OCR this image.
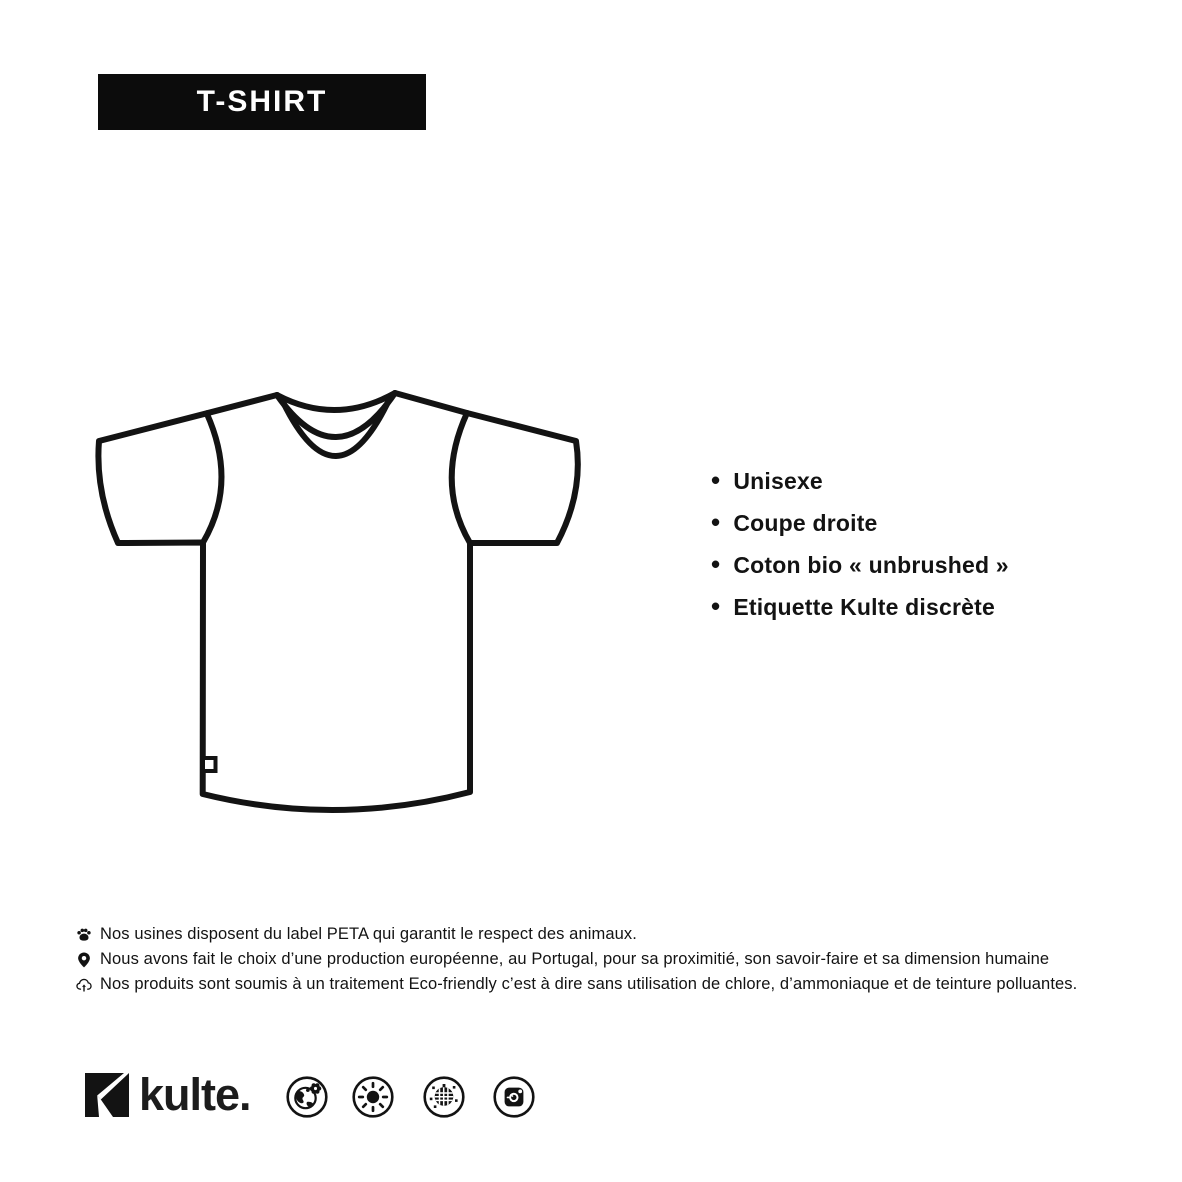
T-SHIRT
• Unisexe
• Coupe droite
• Coton bio « unbrushed »
• Etiquette Kulte discrète
Nos usines disposent du label PETA qui garantit le respect des animaux.
Nous avons fait le choix d’une production européenne, au Portugal, pour sa proximitié, son savoir-faire et sa dimension humaine
Nos produits sont soumis à un traitement Eco-friendly c’est à dire sans utilisation de chlore, d’ammoniaque et de teinture polluantes.
kulte.
